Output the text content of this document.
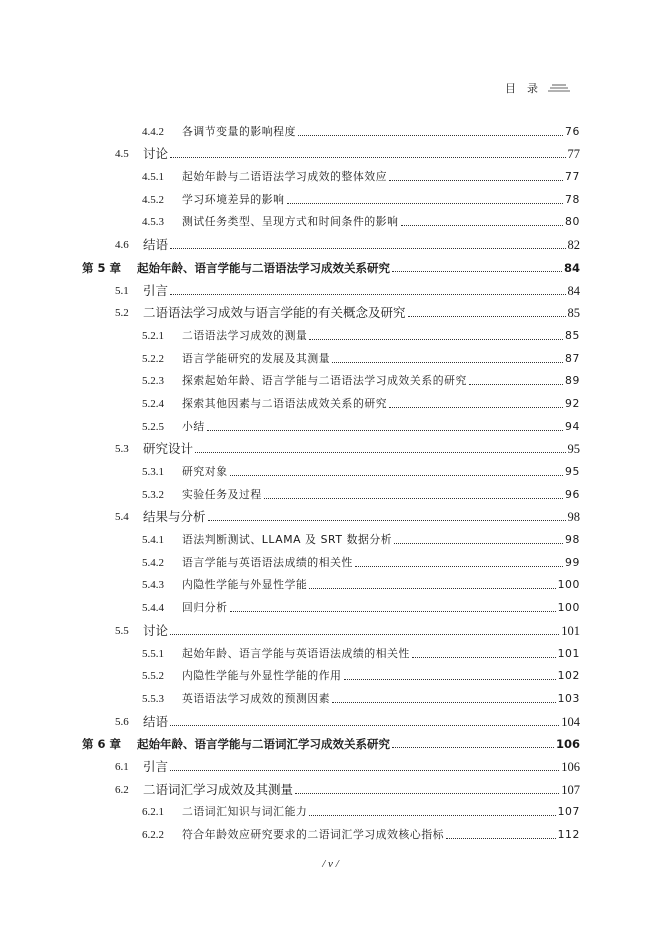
目　录
4.4.2	各调节变量的影响程度	76
4.5	讨论	77
4.5.1	起始年龄与二语语法学习成效的整体效应	77
4.5.2	学习环境差异的影响	78
4.5.3	测试任务类型、呈现方式和时间条件的影响	80
4.6	结语	82
第 5 章	起始年龄、语言学能与二语语法学习成效关系研究	84
5.1	引言	84
5.2	二语语法学习成效与语言学能的有关概念及研究	85
5.2.1	二语语法学习成效的测量	85
5.2.2	语言学能研究的发展及其测量	87
5.2.3	探索起始年龄、语言学能与二语语法学习成效关系的研究	89
5.2.4	探索其他因素与二语语法成效关系的研究	92
5.2.5	小结	94
5.3	研究设计	95
5.3.1	研究对象	95
5.3.2	实验任务及过程	96
5.4	结果与分析	98
5.4.1	语法判断测试、LLAMA 及 SRT 数据分析	98
5.4.2	语言学能与英语语法成绩的相关性	99
5.4.3	内隐性学能与外显性学能	100
5.4.4	回归分析	100
5.5	讨论	101
5.5.1	起始年龄、语言学能与英语语法成绩的相关性	101
5.5.2	内隐性学能与外显性学能的作用	102
5.5.3	英语语法学习成效的预测因素	103
5.6	结语	104
第 6 章	起始年龄、语言学能与二语词汇学习成效关系研究	106
6.1	引言	106
6.2	二语词汇学习成效及其测量	107
6.2.1	二语词汇知识与词汇能力	107
6.2.2	符合年龄效应研究要求的二语词汇学习成效核心指标	112
/ v /
